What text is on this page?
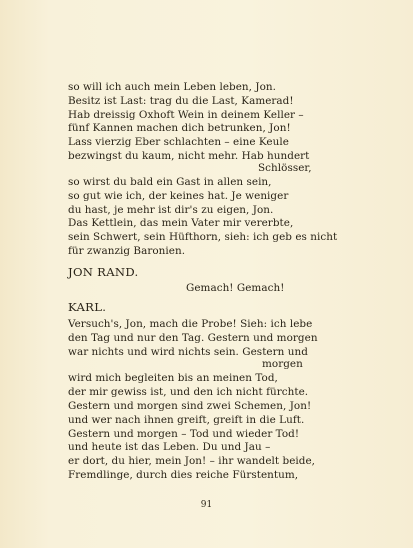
so will ich auch mein Leben leben, Jon.
Besitz ist Last: trag du die Last, Kamerad!
Hab dreissig Oxhoft Wein in deinem Keller –
fünf Kannen machen dich betrunken, Jon!
Lass vierzig Eber schlachten – eine Keule
bezwingst du kaum, nicht mehr. Hab hundert
Schlösser,
so wirst du bald ein Gast in allen sein,
so gut wie ich, der keines hat. Je weniger
du hast, je mehr ist dir's zu eigen, Jon.
Das Kettlein, das mein Vater mir vererbte,
sein Schwert, sein Hüfthorn, sieh: ich geb es nicht
für zwanzig Baronien.
JON RAND.
Gemach! Gemach!
KARL.
Versuch's, Jon, mach die Probe! Sieh: ich lebe
den Tag und nur den Tag. Gestern und morgen
war nichts und wird nichts sein. Gestern und
morgen
wird mich begleiten bis an meinen Tod,
der mir gewiss ist, und den ich nicht fürchte.
Gestern und morgen sind zwei Schemen, Jon!
und wer nach ihnen greift, greift in die Luft.
Gestern und morgen – Tod und wieder Tod!
und heute ist das Leben. Du und Jau –
er dort, du hier, mein Jon! – ihr wandelt beide,
Fremdlinge, durch dies reiche Fürstentum,
91
